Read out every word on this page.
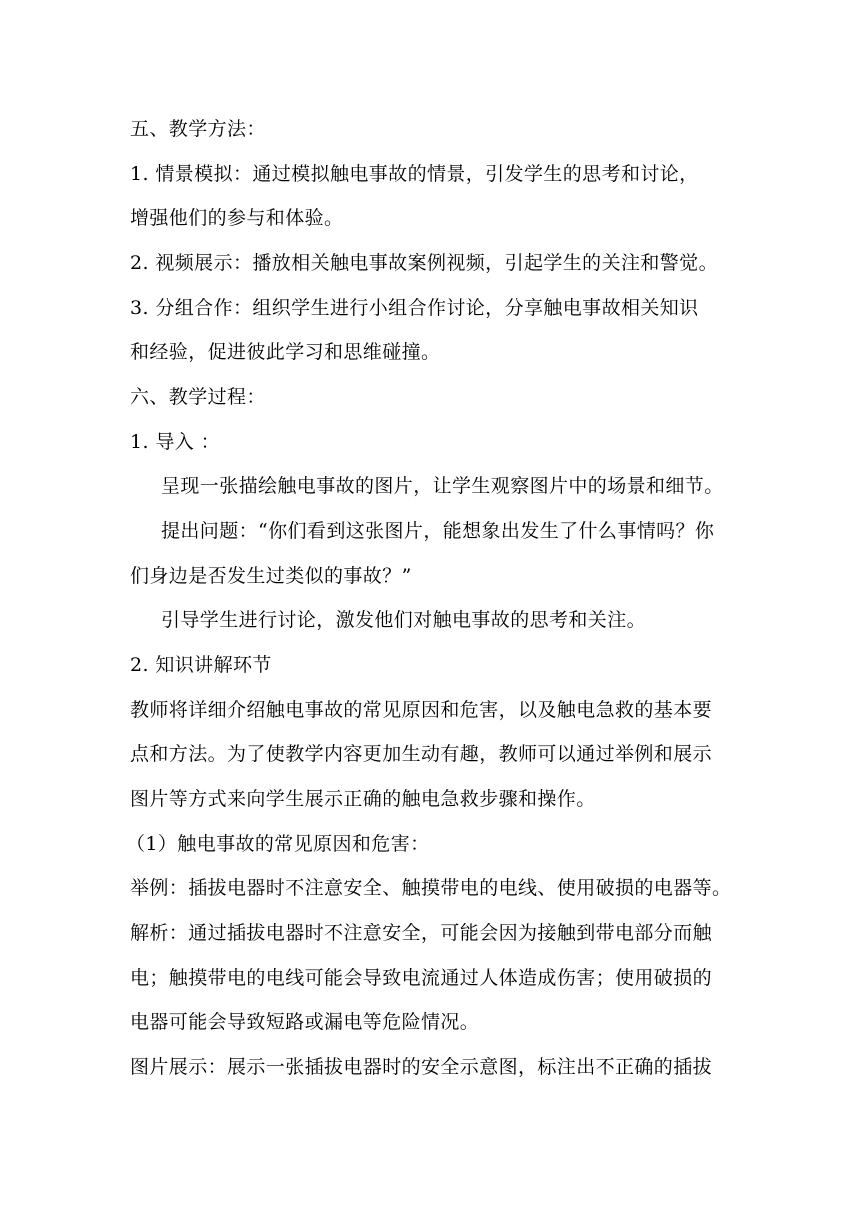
五、教学方法：
1. 情景模拟：通过模拟触电事故的情景，引发学生的思考和讨论，
增强他们的参与和体验。
2. 视频展示：播放相关触电事故案例视频，引起学生的关注和警觉。
3. 分组合作：组织学生进行小组合作讨论，分享触电事故相关知识
和经验，促进彼此学习和思维碰撞。
六、教学过程：
1. 导入 ：
呈现一张描绘触电事故的图片，让学生观察图片中的场景和细节。
提出问题：“你们看到这张图片，能想象出发生了什么事情吗？你
们身边是否发生过类似的事故？”
引导学生进行讨论，激发他们对触电事故的思考和关注。
2. 知识讲解环节
教师将详细介绍触电事故的常见原因和危害，以及触电急救的基本要
点和方法。为了使教学内容更加生动有趣，教师可以通过举例和展示
图片等方式来向学生展示正确的触电急救步骤和操作。
（1）触电事故的常见原因和危害：
举例：插拔电器时不注意安全、触摸带电的电线、使用破损的电器等。
解析：通过插拔电器时不注意安全，可能会因为接触到带电部分而触
电；触摸带电的电线可能会导致电流通过人体造成伤害；使用破损的
电器可能会导致短路或漏电等危险情况。
图片展示：展示一张插拔电器时的安全示意图，标注出不正确的插拔
